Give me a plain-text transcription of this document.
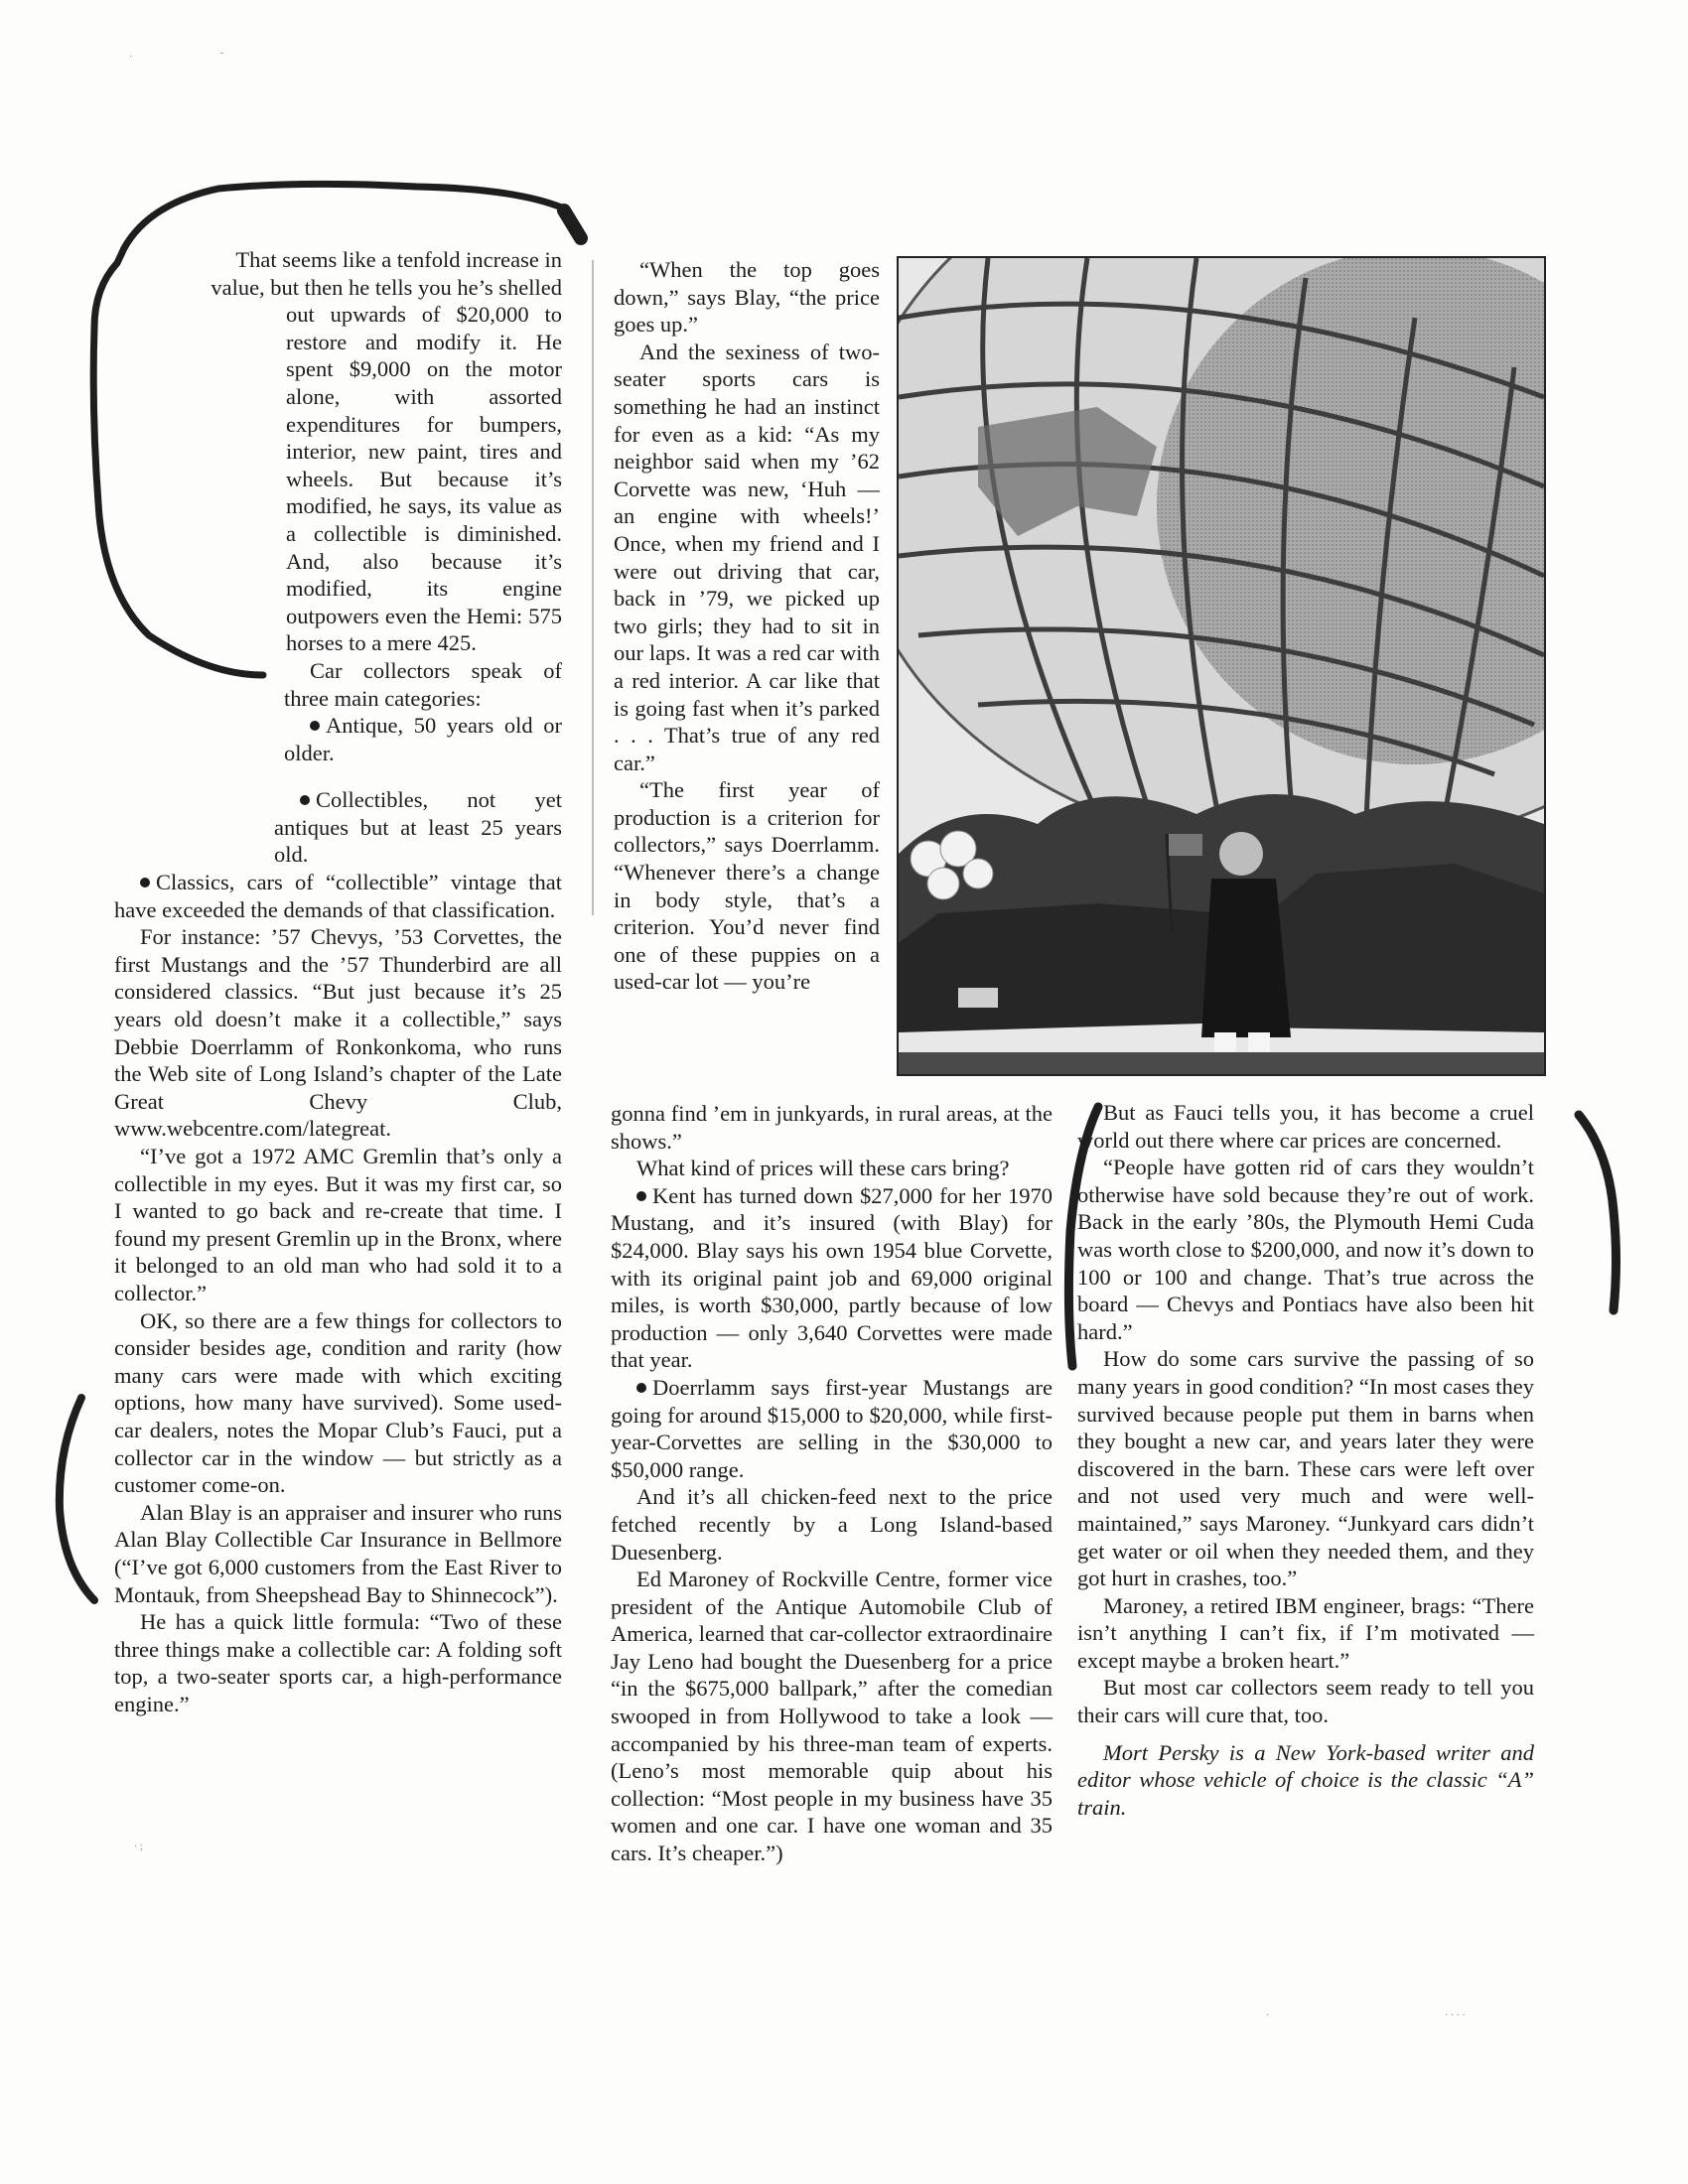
That seems like a tenfold increase in

value, but then he tells you he’s shelled

out upwards of $20,000 to restore and modify it. He spent $9,000 on the motor alone, with assorted expenditures for bumpers, interior, new paint, tires and wheels. But because it’s modified, he says, its value as a collectible is diminished. And, also because it’s modified, its engine outpowers even the Hemi: 575 horses to a mere 425.

Car collectors speak of three main categories:

Antique, 50 years old or older.

Collectibles, not yet antiques but at least 25 years old.

Classics, cars of “collectible” vintage that have exceeded the demands of that classification.

For instance: ’57 Chevys, ’53 Corvettes, the first Mustangs and the ’57 Thunderbird are all considered classics. “But just because it’s 25 years old doesn’t make it a collectible,” says Debbie Doerrlamm of Ronkonkoma, who runs the Web site of Long Island’s chapter of the Late Great Chevy Club, www.webcentre.com/lategreat.

“I’ve got a 1972 AMC Gremlin that’s only a collectible in my eyes. But it was my first car, so I wanted to go back and re-create that time. I found my present Gremlin up in the Bronx, where it belonged to an old man who had sold it to a collector.”

OK, so there are a few things for collectors to consider besides age, condition and rarity (how many cars were made with which exciting options, how many have survived). Some used-car dealers, notes the Mopar Club’s Fauci, put a collector car in the window — but strictly as a customer come-on.

Alan Blay is an appraiser and insurer who runs Alan Blay Collectible Car Insurance in Bellmore (“I’ve got 6,000 customers from the East River to Montauk, from Sheepshead Bay to Shinnecock”).

He has a quick little formula: “Two of these three things make a collectible car: A folding soft top, a two-seater sports car, a high-performance engine.”

“When the top goes down,” says Blay, “the price goes up.”

And the sexiness of two-seater sports cars is something he had an instinct for even as a kid: “As my neighbor said when my ’62 Corvette was new, ‘Huh — an engine with wheels!’ Once, when my friend and I were out driving that car, back in ’79, we picked up two girls; they had to sit in our laps. It was a red car with a red interior. A car like that is going fast when it’s parked . . . That’s true of any red car.”

“The first year of production is a criterion for collectors,” says Doerrlamm. “Whenever there’s a change in body style, that’s a criterion. You’d never find one of these puppies on a used-car lot — you’re

gonna find ’em in junkyards, in rural areas, at the shows.”

What kind of prices will these cars bring?

Kent has turned down $27,000 for her 1970 Mustang, and it’s insured (with Blay) for $24,000. Blay says his own 1954 blue Corvette, with its original paint job and 69,000 original miles, is worth $30,000, partly because of low production — only 3,640 Corvettes were made that year.

Doerrlamm says first-year Mustangs are going for around $15,000 to $20,000, while first-year-Corvettes are selling in the $30,000 to $50,000 range.

And it’s all chicken-feed next to the price fetched recently by a Long Island-based Duesenberg.

Ed Maroney of Rockville Centre, former vice president of the Antique Automobile Club of America, learned that car-collector extraordinaire Jay Leno had bought the Duesenberg for a price “in the $675,000 ballpark,” after the comedian swooped in from Hollywood to take a look — accompanied by his three-man team of experts. (Leno’s most memorable quip about his collection: “Most people in my business have 35 women and one car. I have one woman and 35 cars. It’s cheaper.”)

But as Fauci tells you, it has become a cruel world out there where car prices are concerned.

“People have gotten rid of cars they wouldn’t otherwise have sold because they’re out of work. Back in the early ’80s, the Plymouth Hemi Cuda was worth close to $200,000, and now it’s down to 100 or 100 and change. That’s true across the board — Chevys and Pontiacs have also been hit hard.”

How do some cars survive the passing of so many years in good condition? “In most cases they survived because people put them in barns when they bought a new car, and years later they were discovered in the barn. These cars were left over and not used very much and were well-maintained,” says Maroney. “Junkyard cars didn’t get water or oil when they needed them, and they got hurt in crashes, too.”

Maroney, a retired IBM engineer, brags: “There isn’t anything I can’t fix, if I’m motivated — except maybe a broken heart.”

But most car collectors seem ready to tell you their cars will cure that, too.

Mort Persky is a New York-based writer and editor whose vehicle of choice is the classic “A” train.

·	-
· ;
·	· · · ·
